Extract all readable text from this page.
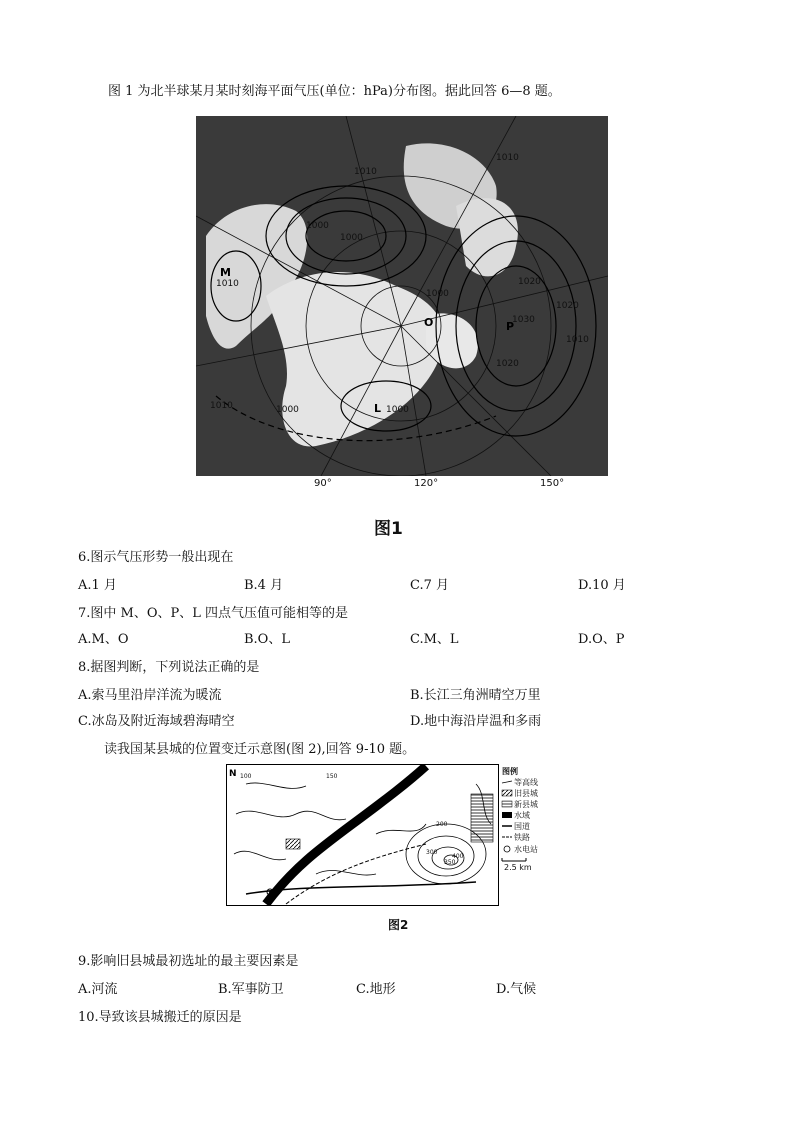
图 1 为北半球某月某时刻海平面气压(单位：hPa)分布图。据此回答 6—8 题。
1010
1000
1020
1010
1010
1020
1000
1010	1000
1000
1010
1020
1030
1000
M
O	P
L
90°	120°	150°
图1
6.图示气压形势一般出现在
A.1 月	B.4 月	C.7 月	D.10 月
7.图中 M、O、P、L 四点气压值可能相等的是
A.M、O	B.O、L	C.M、L	D.O、P
8.据图判断，下列说法正确的是
A.索马里沿岸洋流为暖流	B.长江三角洲晴空万里
C.冰岛及附近海域碧海晴空	D.地中海沿岸温和多雨
读我国某县城的位置变迁示意图(图 2),回答 9-10 题。
100	150
200
300
350
400
N	图例
等高线
旧县城
新县城
水域
国道
铁路
水电站
2.5 km
图2
9.影响旧县城最初选址的最主要因素是
A.河流	B.军事防卫	C.地形	D.气候
10.导致该县城搬迁的原因是
